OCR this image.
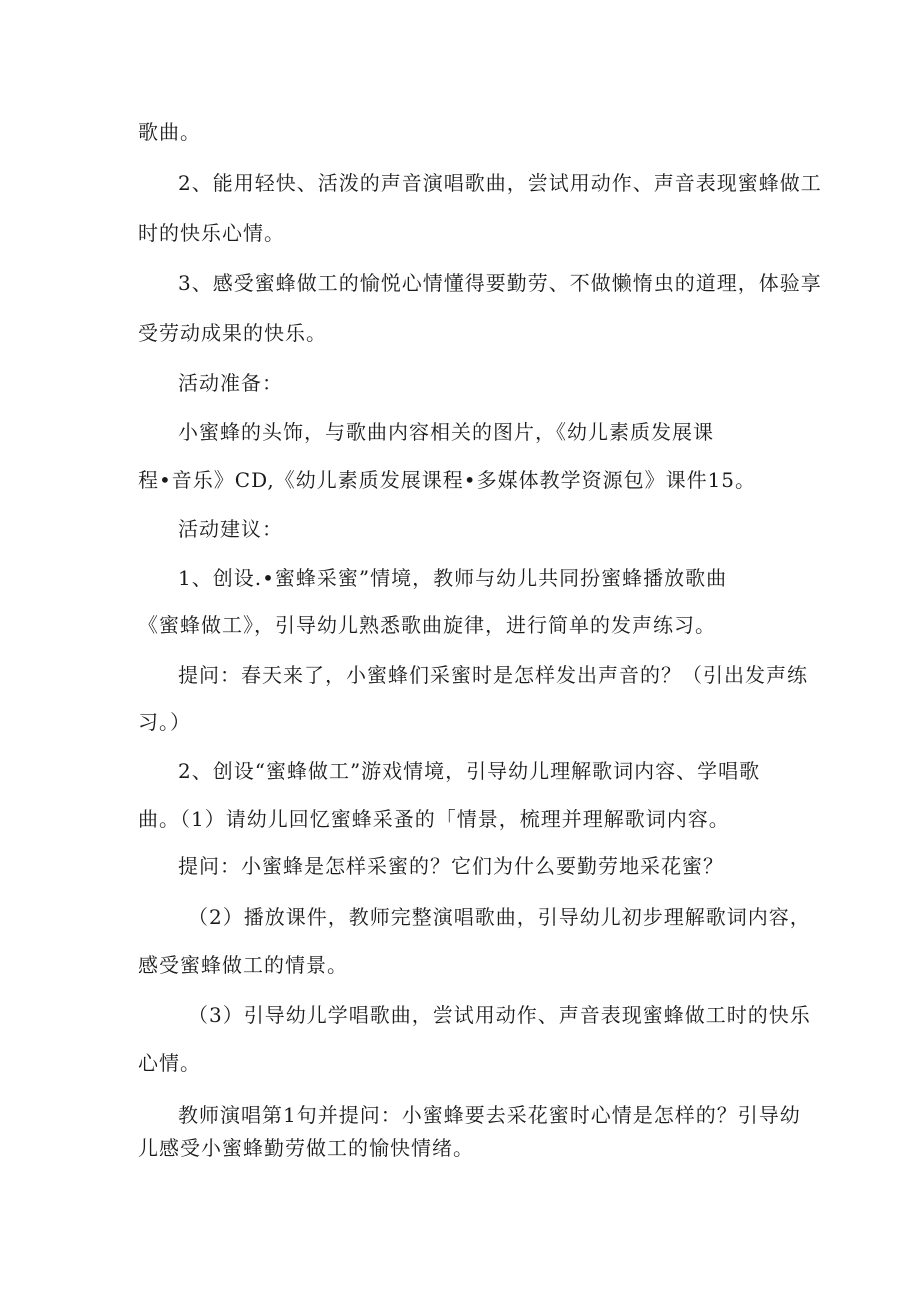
歌曲。

2、能用轻快、活泼的声音演唱歌曲，尝试用动作、声音表现蜜蜂做工

时的快乐心情。

3、感受蜜蜂做工的愉悦心情懂得要勤劳、不做懒惰虫的道理，体验享

受劳动成果的快乐。

活动准备：

小蜜蜂的头饰，与歌曲内容相关的图片，《幼儿素质发展课

程•音乐》CD,《幼儿素质发展课程•多媒体教学资源包》课件15。

活动建议：

1、创设.•蜜蜂采蜜”情境，教师与幼儿共同扮蜜蜂播放歌曲

《蜜蜂做工》，引导幼儿熟悉歌曲旋律，进行简单的发声练习。

提问：春天来了，小蜜蜂们采蜜时是怎样发出声音的？（引出发声练

习。）

2、创设“蜜蜂做工”游戏情境，引导幼儿理解歌词内容、学唱歌

曲。（1）请幼儿回忆蜜蜂采蚤的「情景，梳理并理解歌词内容。

提问：小蜜蜂是怎样采蜜的？它们为什么要勤劳地采花蜜？

（2）播放课件，教师完整演唱歌曲，引导幼儿初步理解歌词内容，

感受蜜蜂做工的情景。

（3）引导幼儿学唱歌曲，尝试用动作、声音表现蜜蜂做工时的快乐

心情。

教师演唱第1句并提问：小蜜蜂要去采花蜜时心情是怎样的？引导幼

儿感受小蜜蜂勤劳做工的愉快情绪。
